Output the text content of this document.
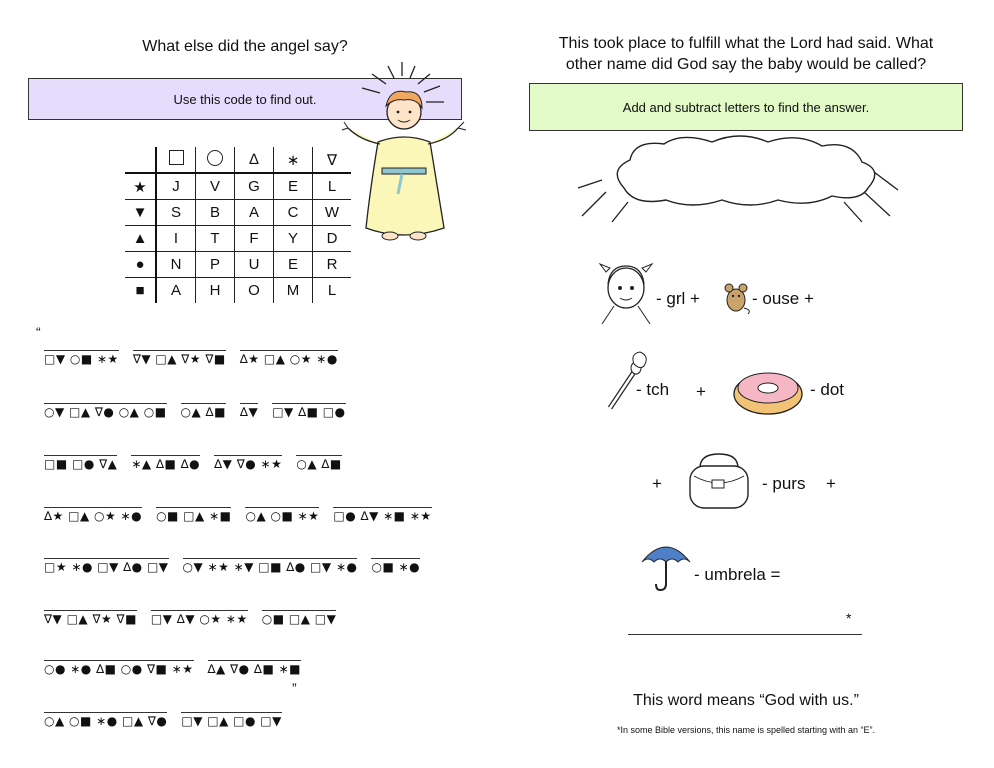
What else did the angel say?
Use this code to find out.
			∆	∗	∇
★	J	V	G	E	L
▼	S	B	A	C	W
▲	I	T	F	Y	D
●	N	P	U	E	R
■	A	H	O	M	L
“
□▼ ○■ ∗★ ∇▼ □▲ ∇★ ∇■ ∆★ □▲ ○★ ∗●
○▼ □▲ ∇● ○▲ ○■ ○▲ ∆■ ∆▼ □▼ ∆■ □●
□■ □● ∇▲ ∗▲ ∆■ ∆● ∆▼ ∇● ∗★ ○▲ ∆■
∆★ □▲ ○★ ∗● ○■ □▲ ∗■ ○▲ ○■ ∗★ □● ∆▼ ∗■ ∗★
□★ ∗● □▼ ∆● □▼ ○▼ ∗★ ∗▼ □■ ∆● □▼ ∗● ○■ ∗●
∇▼ □▲ ∇★ ∇■ □▼ ∆▼ ○★ ∗★ ○■ □▲ □▼
○● ∗● ∆■ ○● ∇■ ∗★ ∆▲ ∇● ∆■ ∗■
○▲ ○■ ∗● □▲ ∇● □▼ □▲ □● □▼
”
This took place to fulfill what the Lord had said. What
other name did God say the baby would be called?
Add and subtract letters to find the answer.
- grl +	- ouse +
- tch +	- dot
+	- purs +
- umbrela =
*
This word means “God with us.”
*In some Bible versions, this name is spelled starting with an “E”.
